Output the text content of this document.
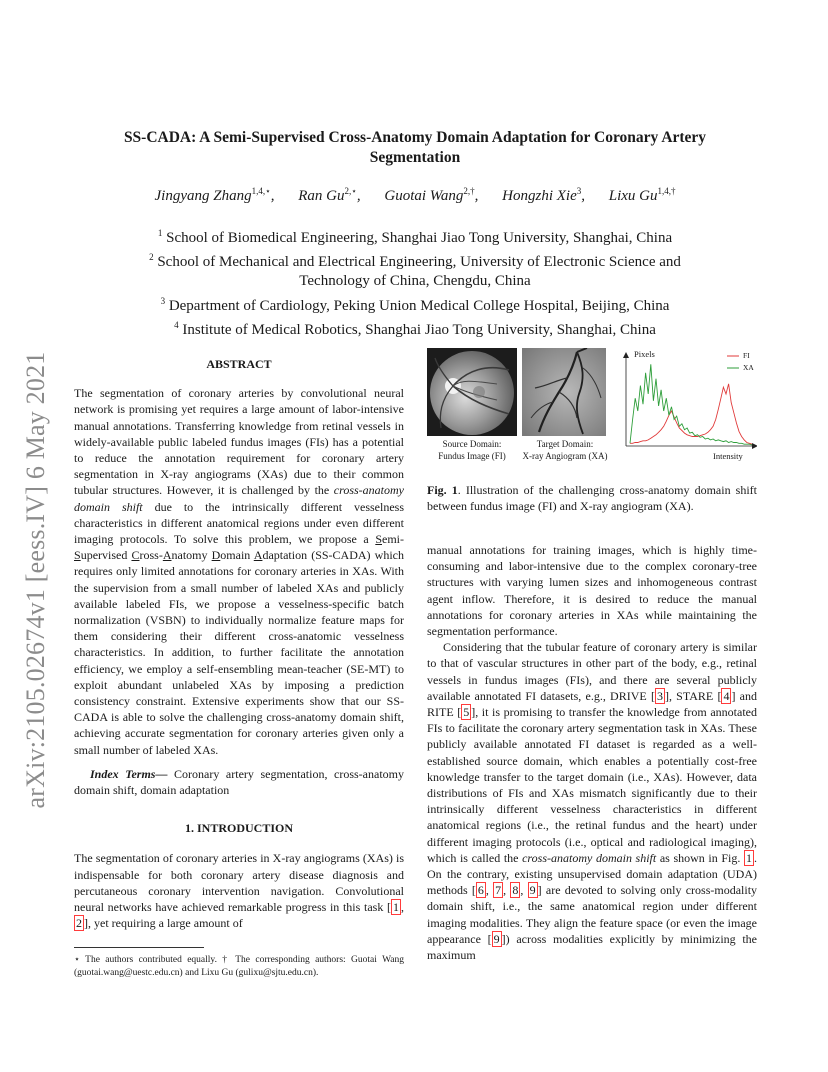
arXiv:2105.02674v1 [eess.IV] 6 May 2021
SS-CADA: A Semi-Supervised Cross-Anatomy Domain Adaptation for Coronary Artery Segmentation
Jingyang Zhang$^{1,4,⋆}$, Ran $Gu^{2,⋆}$, Guotai Wang$^{2,\dagger}$, Hongzhi Xie$^3$, Lixu $Gu^{1,4,\dagger}$
$^1$ School of Biomedical Engineering, Shanghai Jiao Tong University, Shanghai, China
$^2$ School of Mechanical and Electrical Engineering, University of Electronic Science and Technology of China, Chengdu, China
$^3$ Department of Cardiology, Peking Union Medical College Hospital, Beijing, China
$^4$ Institute of Medical Robotics, Shanghai Jiao Tong University, Shanghai, China
ABSTRACT

The segmentation of coronary arteries by convolutional neural network is promising yet requires a large amount of labor-intensive manual annotations. Transferring knowledge from retinal vessels in widely-available public labeled fundus images (FIs) has a potential to reduce the annotation requirement for coronary artery segmentation in X-ray angiograms (XAs) due to their common tubular structures. However, it is challenged by the cross-anatomy domain shift due to the intrinsically different vesselness characteristics in different anatomical regions under even different imaging protocols. To solve this problem, we propose a Semi-Supervised Cross-Anatomy Domain Adaptation (SS-CADA) which requires only limited annotations for coronary arteries in XAs. With the supervision from a small number of labeled XAs and publicly available labeled FIs, we propose a vesselness-specific batch normalization (VSBN) to individually normalize feature maps for them considering their different cross-anatomic vesselness characteristics. In addition, to further facilitate the annotation efficiency, we employ a self-ensembling mean-teacher (SE-MT) to exploit abundant unlabeled XAs by imposing a prediction consistency constraint. Extensive experiments show that our SS-CADA is able to solve the challenging cross-anatomy domain shift, achieving accurate segmentation for coronary arteries given only a small number of labeled XAs.

Index Terms— Coronary artery segmentation, cross-anatomy domain shift, domain adaptation

1. INTRODUCTION

The segmentation of coronary arteries in X-ray angiograms (XAs) is indispensable for both coronary artery disease diagnosis and percutaneous coronary intervention navigation. Convolutional neural networks have achieved remarkable progress in this task [ 1 , 2 ], yet requiring a large amount of

⋆ The authors contributed equally. † The corresponding authors: Guotai Wang (guotai.wang@uestc.edu.cn) and Lixu Gu (gulixu@sjtu.edu.cn).
Pixels	FI
XA
Intensity
Source Domain:
Fundus Image (FI)
Target Domain:
X-ray Angiogram (XA)
Fig. 1. Illustration of the challenging cross-anatomy domain shift between fundus image (FI) and X-ray angiogram (XA).

manual annotations for training images, which is highly time-consuming and labor-intensive due to the complex coronary-tree structures with varying lumen sizes and inhomogeneous contrast agent inflow. Therefore, it is desired to reduce the manual annotations for coronary arteries in XAs while maintaining the segmentation performance.

Considering that the tubular feature of coronary artery is similar to that of vascular structures in other part of the body, e.g., retinal vessels in fundus images (FIs), and there are several publicly available annotated FI datasets, e.g., DRIVE [ 3 ], STARE [ 4 ] and RITE [ 5 ], it is promising to transfer the knowledge from annotated FIs to facilitate the coronary artery segmentation task in XAs. These publicly available annotated FI dataset is regarded as a well-established source domain, which enables a potentially cost-free knowledge transfer to the target domain (i.e., XAs). However, data distributions of FIs and XAs mismatch significantly due to their intrinsically different vesselness characteristics in different anatomical regions (i.e., the retinal fundus and the heart) under different imaging protocols (i.e., optical and radiological imaging), which is called the cross-anatomy domain shift as shown in Fig. 1 . On the contrary, existing unsupervised domain adaptation (UDA) methods [ 6 , 7 , 8 , 9 ] are devoted to solving only cross-modality domain shift, i.e., the same anatomical region under different imaging modalities. They align the feature space (or even the image appearance [ 9 ]) across modalities explicitly by minimizing the maximum
